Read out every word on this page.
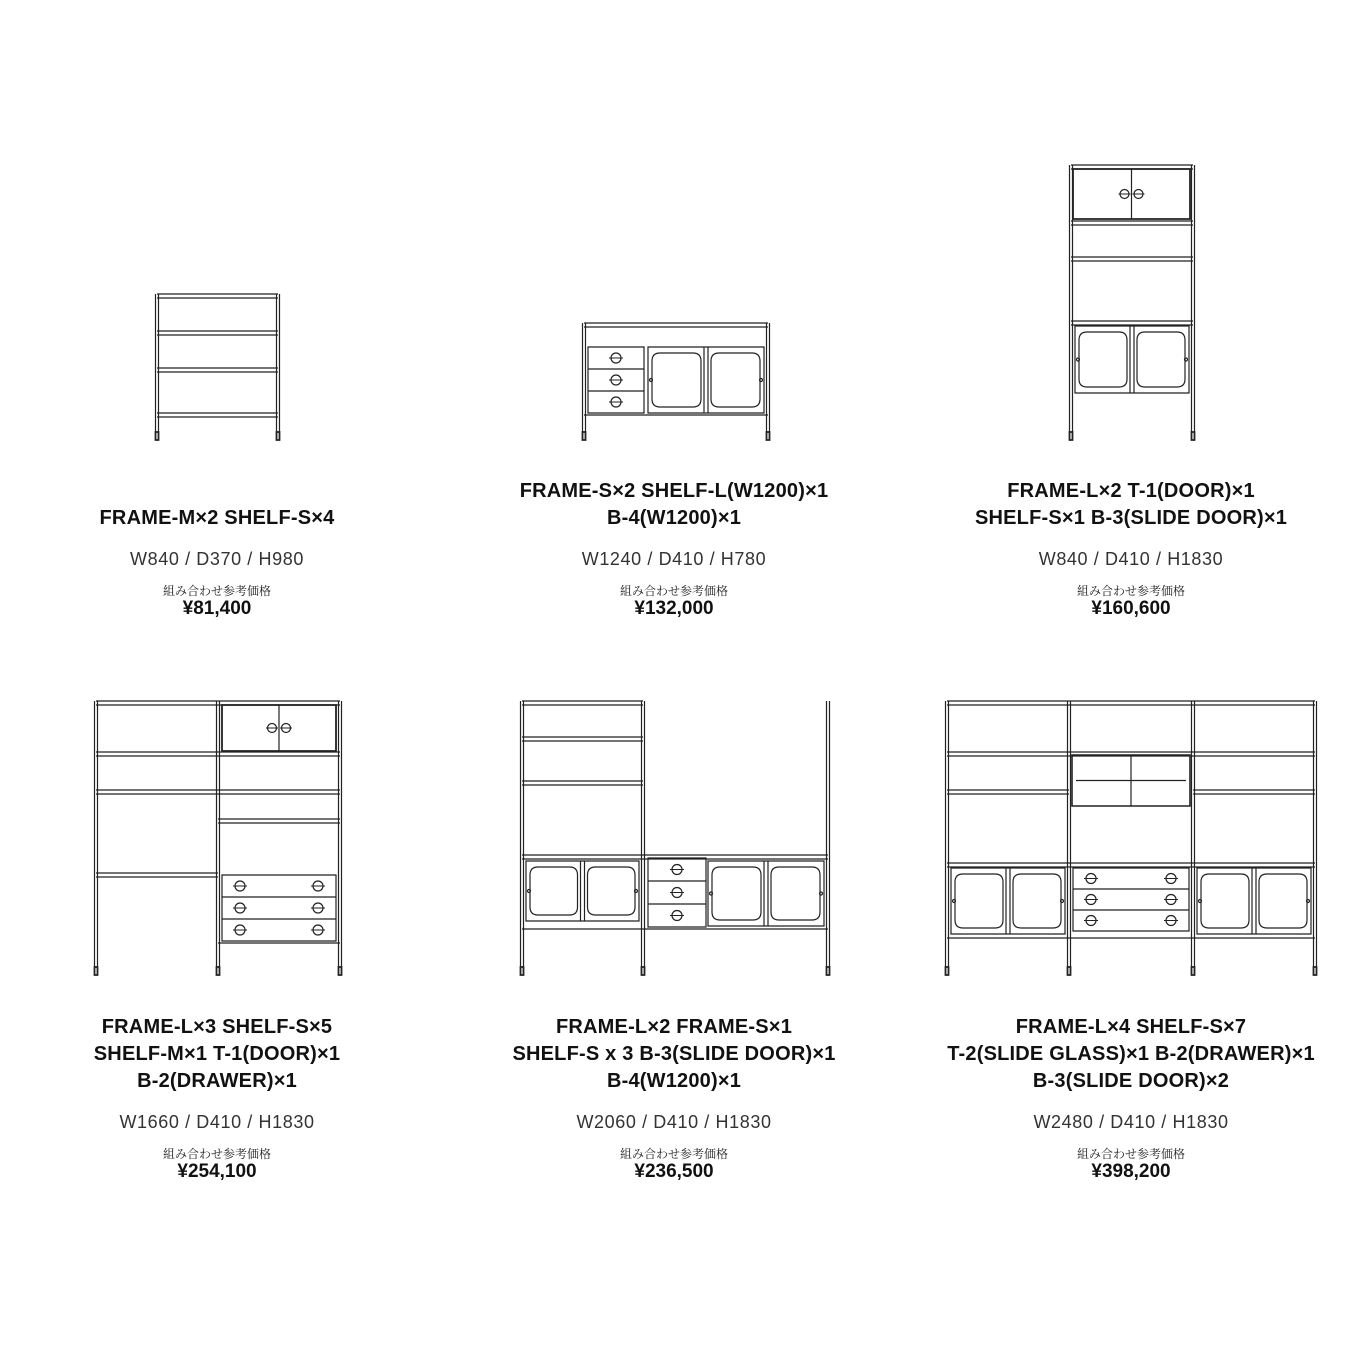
FRAME-M×2 SHELF-S×4
W840 / D370 / H980
組み合わせ参考価格
¥81,400
FRAME-S×2 SHELF-L(W1200)×1
B-4(W1200)×1
W1240 / D410 / H780
組み合わせ参考価格
¥132,000
FRAME-L×2 T-1(DOOR)×1
SHELF-S×1 B-3(SLIDE DOOR)×1
W840 / D410 / H1830
組み合わせ参考価格
¥160,600
FRAME-L×3 SHELF-S×5
SHELF-M×1 T-1(DOOR)×1
B-2(DRAWER)×1
W1660 / D410 / H1830
組み合わせ参考価格
¥254,100
FRAME-L×2 FRAME-S×1
SHELF-S x 3 B-3(SLIDE DOOR)×1
B-4(W1200)×1
W2060 / D410 / H1830
組み合わせ参考価格
¥236,500
FRAME-L×4 SHELF-S×7
T-2(SLIDE GLASS)×1 B-2(DRAWER)×1
B-3(SLIDE DOOR)×2
W2480 / D410 / H1830
組み合わせ参考価格
¥398,200
